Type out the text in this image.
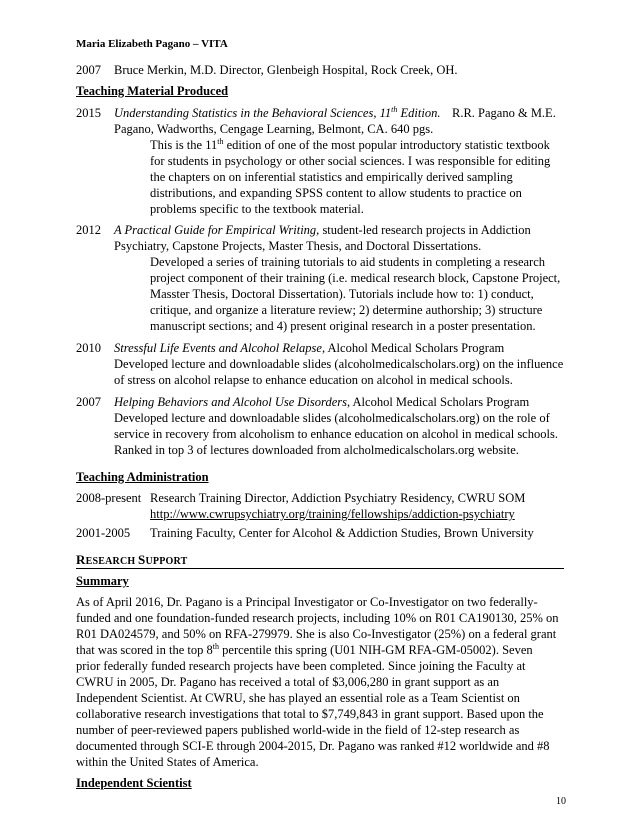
Maria Elizabeth Pagano – VITA
2007 Bruce Merkin, M.D. Director, Glenbeigh Hospital, Rock Creek, OH.
Teaching Material Produced
2015 Understanding Statistics in the Behavioral Sciences, 11th Edition. R.R. Pagano & M.E.
Pagano, Wadworths, Cengage Learning, Belmont, CA. 640 pgs.
This is the 11th edition of one of the most popular introductory statistic textbook
for students in psychology or other social sciences. I was responsible for editing
the chapters on on inferential statistics and empirically derived sampling
distributions, and expanding SPSS content to allow students to practice on
problems specific to the textbook material.
2012 A Practical Guide for Empirical Writing, student-led research projects in Addiction
Psychiatry, Capstone Projects, Master Thesis, and Doctoral Dissertations.
Developed a series of training tutorials to aid students in completing a research
project component of their training (i.e. medical research block, Capstone Project,
Masster Thesis, Doctoral Dissertation). Tutorials include how to: 1) conduct,
critique, and organize a literature review; 2) determine authorship; 3) structure
manuscript sections; and 4) present original research in a poster presentation.
2010 Stressful Life Events and Alcohol Relapse, Alcohol Medical Scholars Program
Developed lecture and downloadable slides (alcoholmedicalscholars.org) on the influence
of stress on alcohol relapse to enhance education on alcohol in medical schools.
2007 Helping Behaviors and Alcohol Use Disorders, Alcohol Medical Scholars Program
Developed lecture and downloadable slides (alcoholmedicalscholars.org) on the role of
service in recovery from alcoholism to enhance education on alcohol in medical schools.
Ranked in top 3 of lectures downloaded from alcholmedicalscholars.org website.
Teaching Administration
2008-present Research Training Director, Addiction Psychiatry Residency, CWRU SOM
http://www.cwrupsychiatry.org/training/fellowships/addiction-psychiatry
2001-2005 Training Faculty, Center for Alcohol & Addiction Studies, Brown University
RESEARCH SUPPORT
Summary
As of April 2016, Dr. Pagano is a Principal Investigator or Co-Investigator on two federally-
funded and one foundation-funded research projects, including 10% on R01 CA190130, 25% on
R01 DA024579, and 50% on RFA-279979. She is also Co-Investigator (25%) on a federal grant
that was scored in the top 8th percentile this spring (U01 NIH-GM RFA-GM-05002). Seven
prior federally funded research projects have been completed. Since joining the Faculty at
CWRU in 2005, Dr. Pagano has received a total of $3,006,280 in grant support as an
Independent Scientist. At CWRU, she has played an essential role as a Team Scientist on
collaborative research investigations that total to $7,749,843 in grant support. Based upon the
number of peer-reviewed papers published world-wide in the field of 12-step research as
documented through SCI-E through 2004-2015, Dr. Pagano was ranked #12 worldwide and #8
within the United States of America.
Independent Scientist
10
